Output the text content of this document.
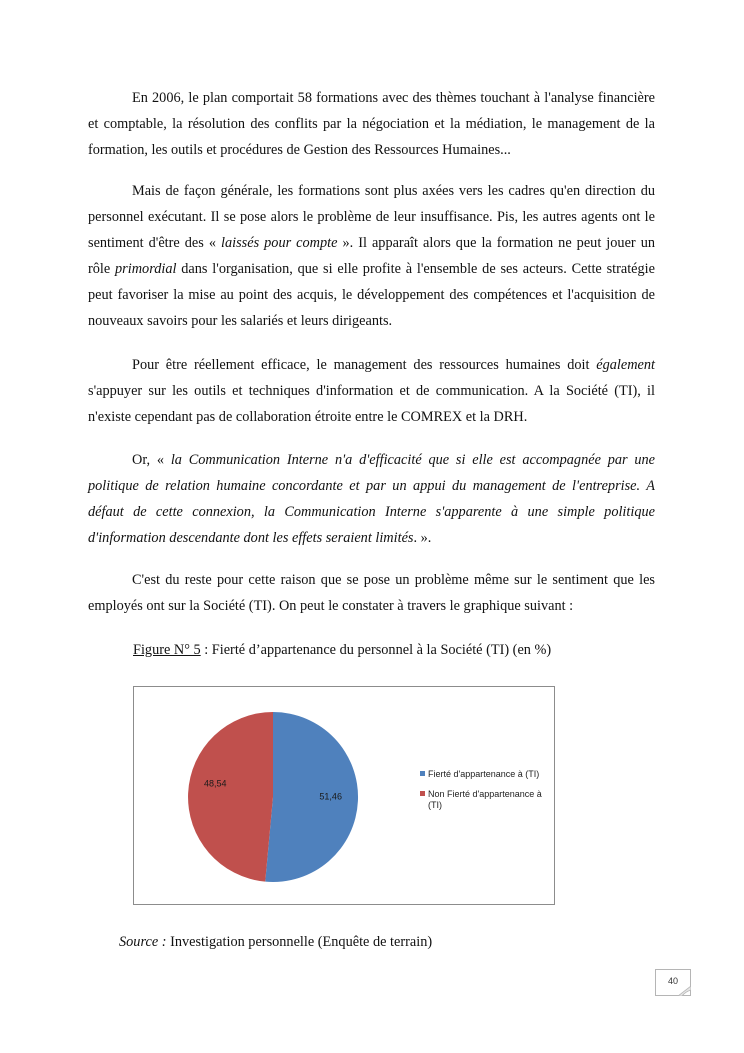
En 2006, le plan comportait 58 formations avec des thèmes touchant à l'analyse financière et comptable, la résolution des conflits par la négociation et la médiation, le management de la formation, les outils et procédures de Gestion des Ressources Humaines...

Mais de façon générale, les formations sont plus axées vers les cadres qu'en direction du personnel exécutant. Il se pose alors le problème de leur insuffisance. Pis, les autres agents ont le sentiment d'être des « laissés pour compte ». Il apparaît alors que la formation ne peut jouer un rôle primordial dans l'organisation, que si elle profite à l'ensemble de ses acteurs. Cette stratégie peut favoriser la mise au point des acquis, le développement des compétences et l'acquisition de nouveaux savoirs pour les salariés et leurs dirigeants.

Pour être réellement efficace, le management des ressources humaines doit également s'appuyer sur les outils et techniques d'information et de communication. A la Société (TI), il n'existe cependant pas de collaboration étroite entre le COMREX et la DRH.

Or, « la Communication Interne n'a d'efficacité que si elle est accompagnée par une politique de relation humaine concordante et par un appui du management de l'entreprise. A défaut de cette connexion, la Communication Interne s'apparente à une simple politique d'information descendante dont les effets seraient limités. ».

C'est du reste pour cette raison que se pose un problème même sur le sentiment que les employés ont sur la Société (TI). On peut le constater à travers le graphique suivant :

Figure N° 5 : Fierté d’appartenance du personnel à la Société (TI) (en %)
51,46
48,54
Fierté d'appartenance à (TI)
Non Fierté d'appartenance à (TI)
Source : Investigation personnelle (Enquête de terrain)
40
